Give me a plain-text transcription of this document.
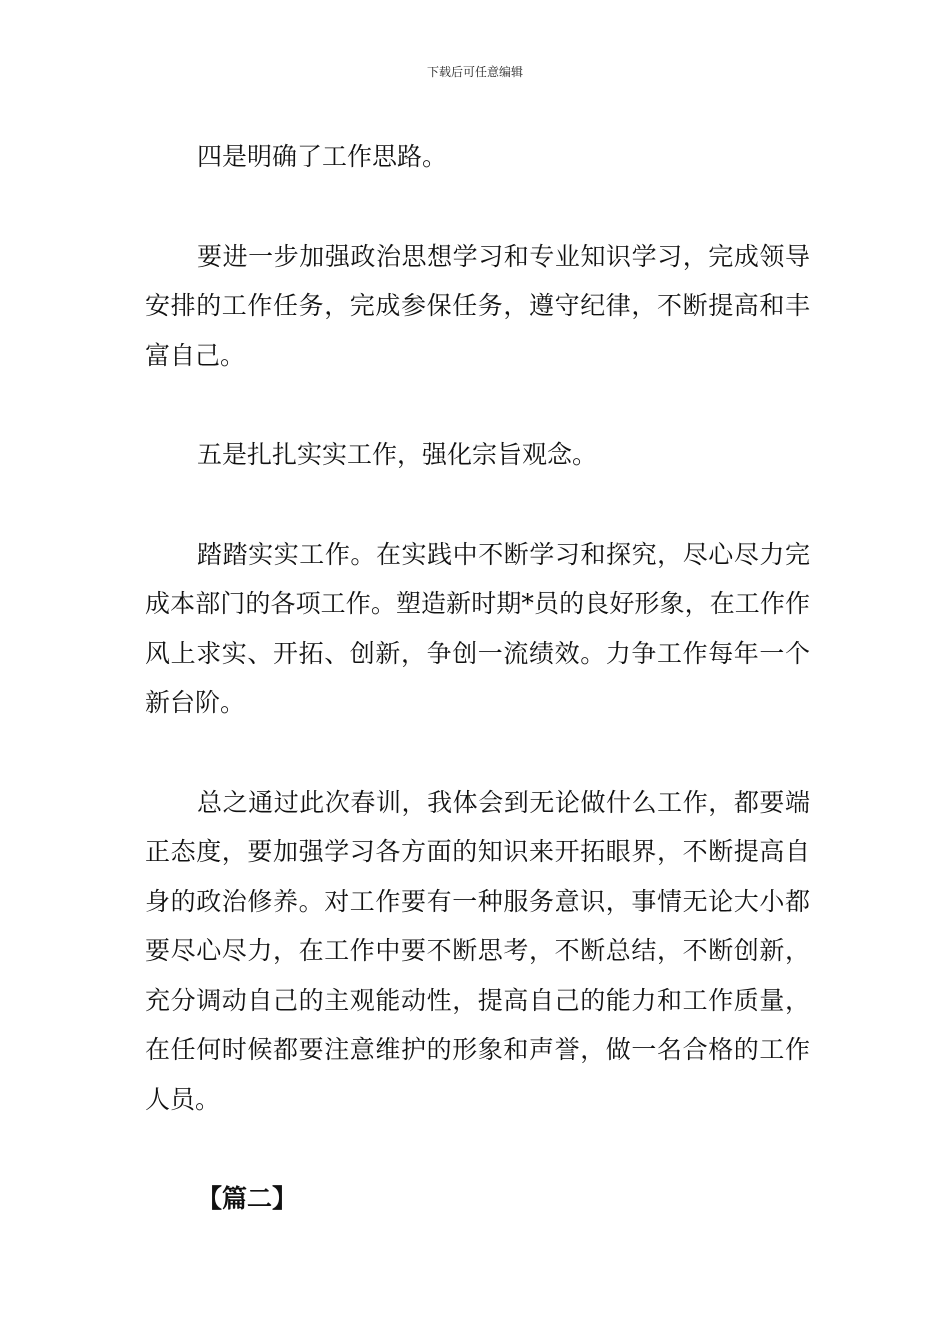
下载后可任意编辑

四是明确了工作思路。

要进一步加强政治思想学习和专业知识学习，完成领导安排的工作任务，完成参保任务，遵守纪律，不断提高和丰富自己。

五是扎扎实实工作，强化宗旨观念。

踏踏实实工作。在实践中不断学习和探究，尽心尽力完成本部门的各项工作。塑造新时期*员的良好形象，在工作作风上求实、开拓、创新，争创一流绩效。力争工作每年一个新台阶。

总之通过此次春训，我体会到无论做什么工作，都要端正态度，要加强学习各方面的知识来开拓眼界，不断提高自身的政治修养。对工作要有一种服务意识，事情无论大小都要尽心尽力，在工作中要不断思考，不断总结，不断创新，充分调动自己的主观能动性，提高自己的能力和工作质量，在任何时候都要注意维护的形象和声誉，做一名合格的工作人员。

【篇二】
